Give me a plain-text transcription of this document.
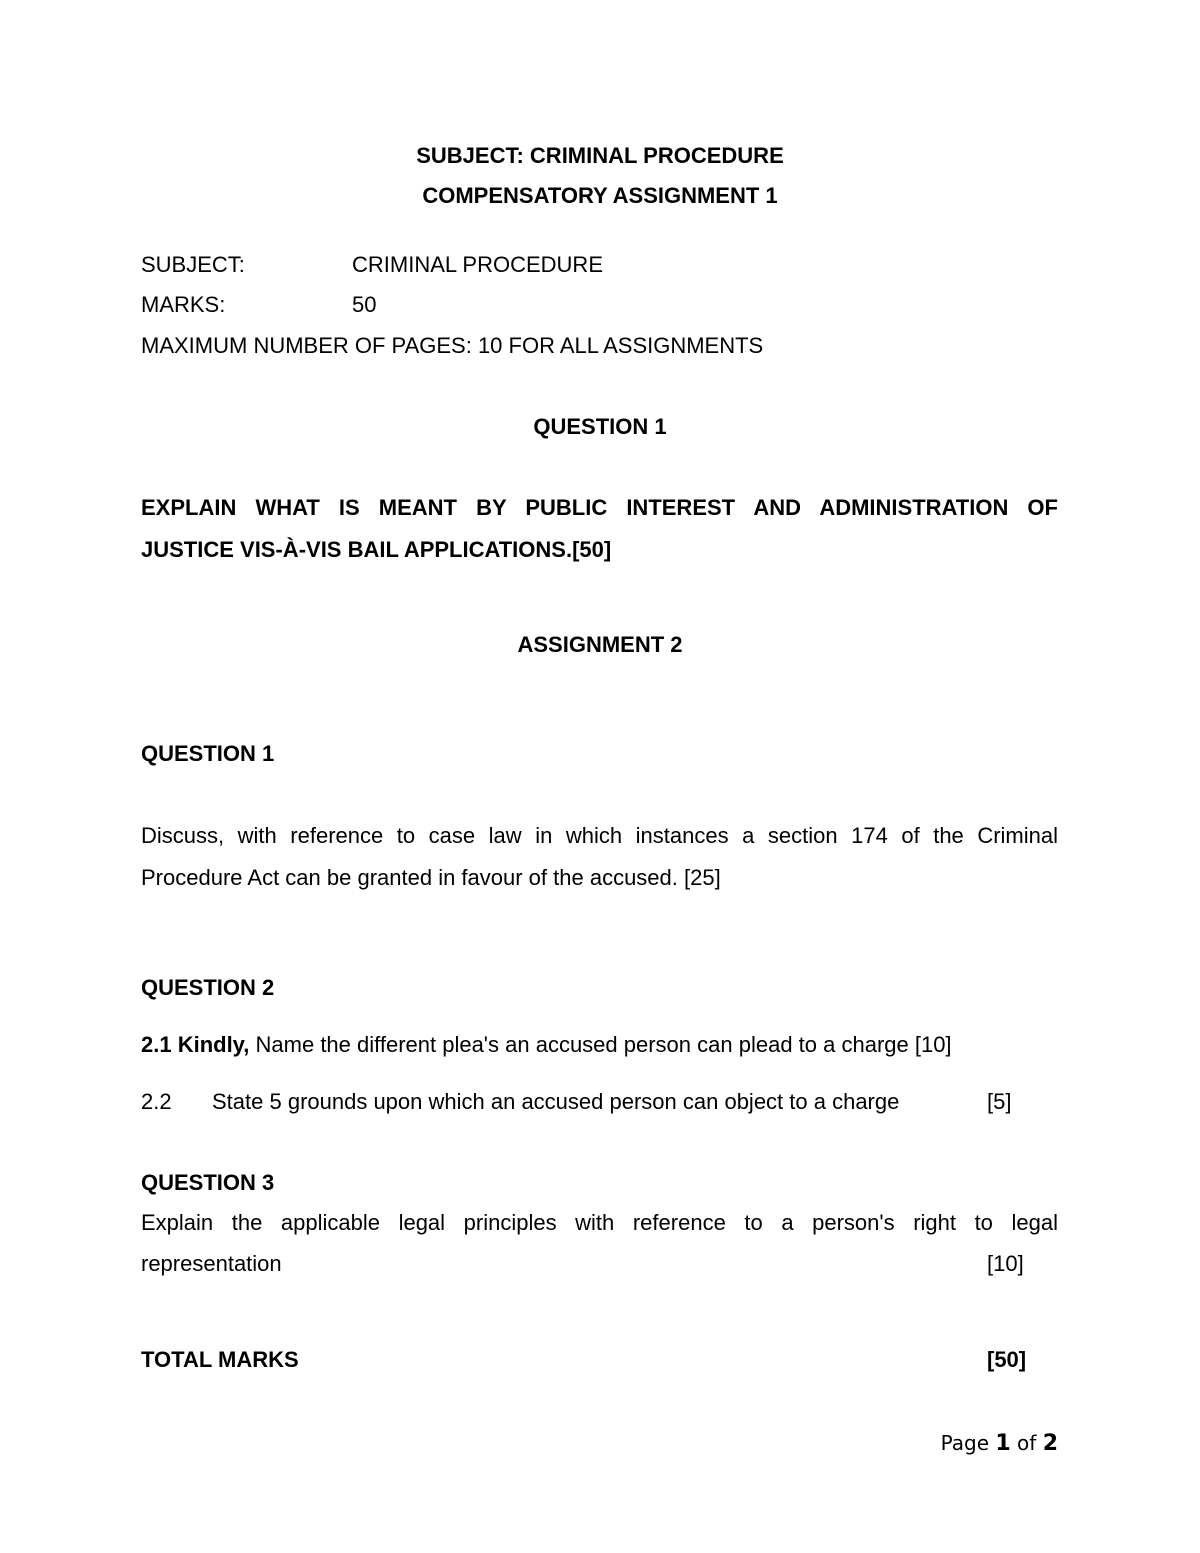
SUBJECT: CRIMINAL PROCEDURE
COMPENSATORY ASSIGNMENT 1
SUBJECT:	CRIMINAL PROCEDURE
MARKS:	50
MAXIMUM NUMBER OF PAGES: 10 FOR ALL ASSIGNMENTS
QUESTION 1
EXPLAIN WHAT IS MEANT BY PUBLIC INTEREST AND ADMINISTRATION OF
JUSTICE VIS-À-VIS BAIL APPLICATIONS.[50]
ASSIGNMENT 2
QUESTION 1
Discuss, with reference to case law in which instances a section 174 of the Criminal
Procedure Act can be granted in favour of the accused. [25]
QUESTION 2
2.1 Kindly, Name the different plea's an accused person can plead to a charge [10]
2.2 State 5 grounds upon which an accused person can object to a charge	[5]
QUESTION 3
Explain the applicable legal principles with reference to a person's right to legal
representation	[10]
TOTAL MARKS	[50]
Page 1 of 2
